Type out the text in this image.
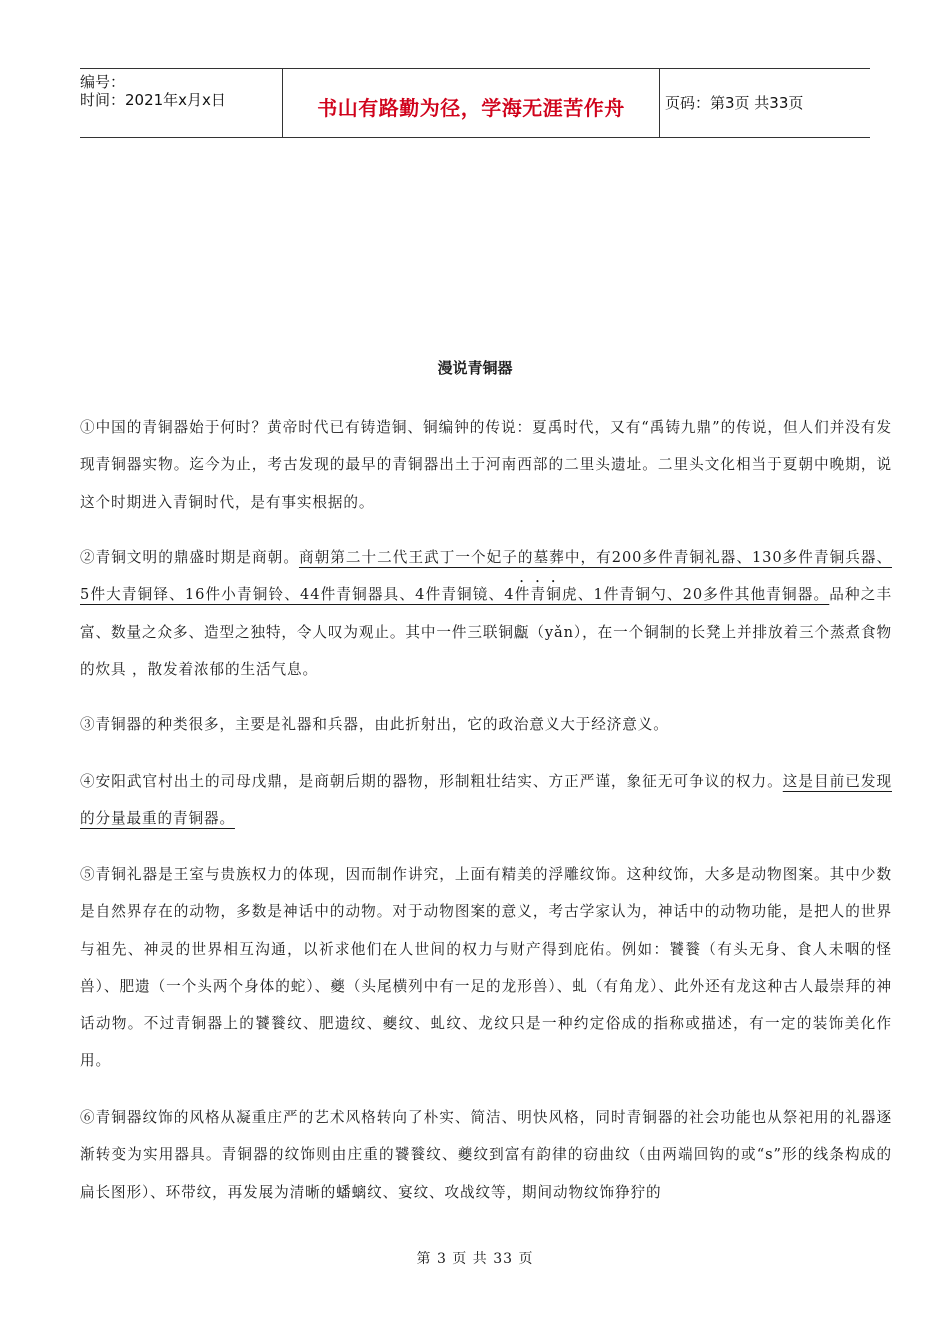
编号：
时间：2021年x月x日	书山有路勤为径，学海无涯苦作舟	页码：第3页 共33页
漫说青铜器

①中国的青铜器始于何时？黄帝时代已有铸造铜、铜编钟的传说：夏禹时代，又有“禹铸九鼎”的传说，但人们并没有发现青铜器实物。迄今为止，考古发现的最早的青铜器出土于河南西部的二里头遗址。二里头文化相当于夏朝中晚期，说这个时期进入青铜时代，是有事实根据的。

②青铜文明的鼎盛时期是商朝。商朝第二十二代王武丁一个妃子的墓葬中，有200多件青铜礼器、130多件青铜兵器、5件大青铜铎、16件小青铜铃、44件青铜器具、4件青铜镜、4件青铜虎、1件青铜勺、20多件其他青铜器。品种之丰富、数量之众多、造型之独特，令人叹为观止。其中一件三联铜甗（yǎn），在一个铜制的长凳上并排放着三个蒸煮食物的炊具 ，散发着浓郁的生活气息。

③青铜器的种类很多，主要是礼器和兵器，由此折射出，它的政治意义大于经济意义。

④安阳武官村出土的司母戊鼎，是商朝后期的器物，形制粗壮结实、方正严谨，象征无可争议的权力。这是目前已发现的分量最重的青铜器。

⑤青铜礼器是王室与贵族权力的体现，因而制作讲究，上面有精美的浮雕纹饰。这种纹饰，大多是动物图案。其中少数是自然界存在的动物，多数是神话中的动物。对于动物图案的意义，考古学家认为，神话中的动物功能，是把人的世界与祖先、神灵的世界相互沟通，以祈求他们在人世间的权力与财产得到庇佑。例如：饕餮（有头无身、食人未咽的怪兽）、肥遗（一个头两个身体的蛇）、夔（头尾横列中有一足的龙形兽）、虬（有角龙）、此外还有龙这种古人最崇拜的神话动物。不过青铜器上的饕餮纹、肥遗纹、夔纹、虬纹、龙纹只是一种约定俗成的指称或描述，有一定的装饰美化作用。

⑥青铜器纹饰的风格从凝重庄严的艺术风格转向了朴实、简洁、明快风格，同时青铜器的社会功能也从祭祀用的礼器逐渐转变为实用器具。青铜器的纹饰则由庄重的饕餮纹、夔纹到富有韵律的窃曲纹（由两端回钩的或“s”形的线条构成的扁长图形）、环带纹，再发展为清晰的蟠螭纹、宴纹、攻战纹等，期间动物纹饰狰狞的

第 3 页 共 33 页
